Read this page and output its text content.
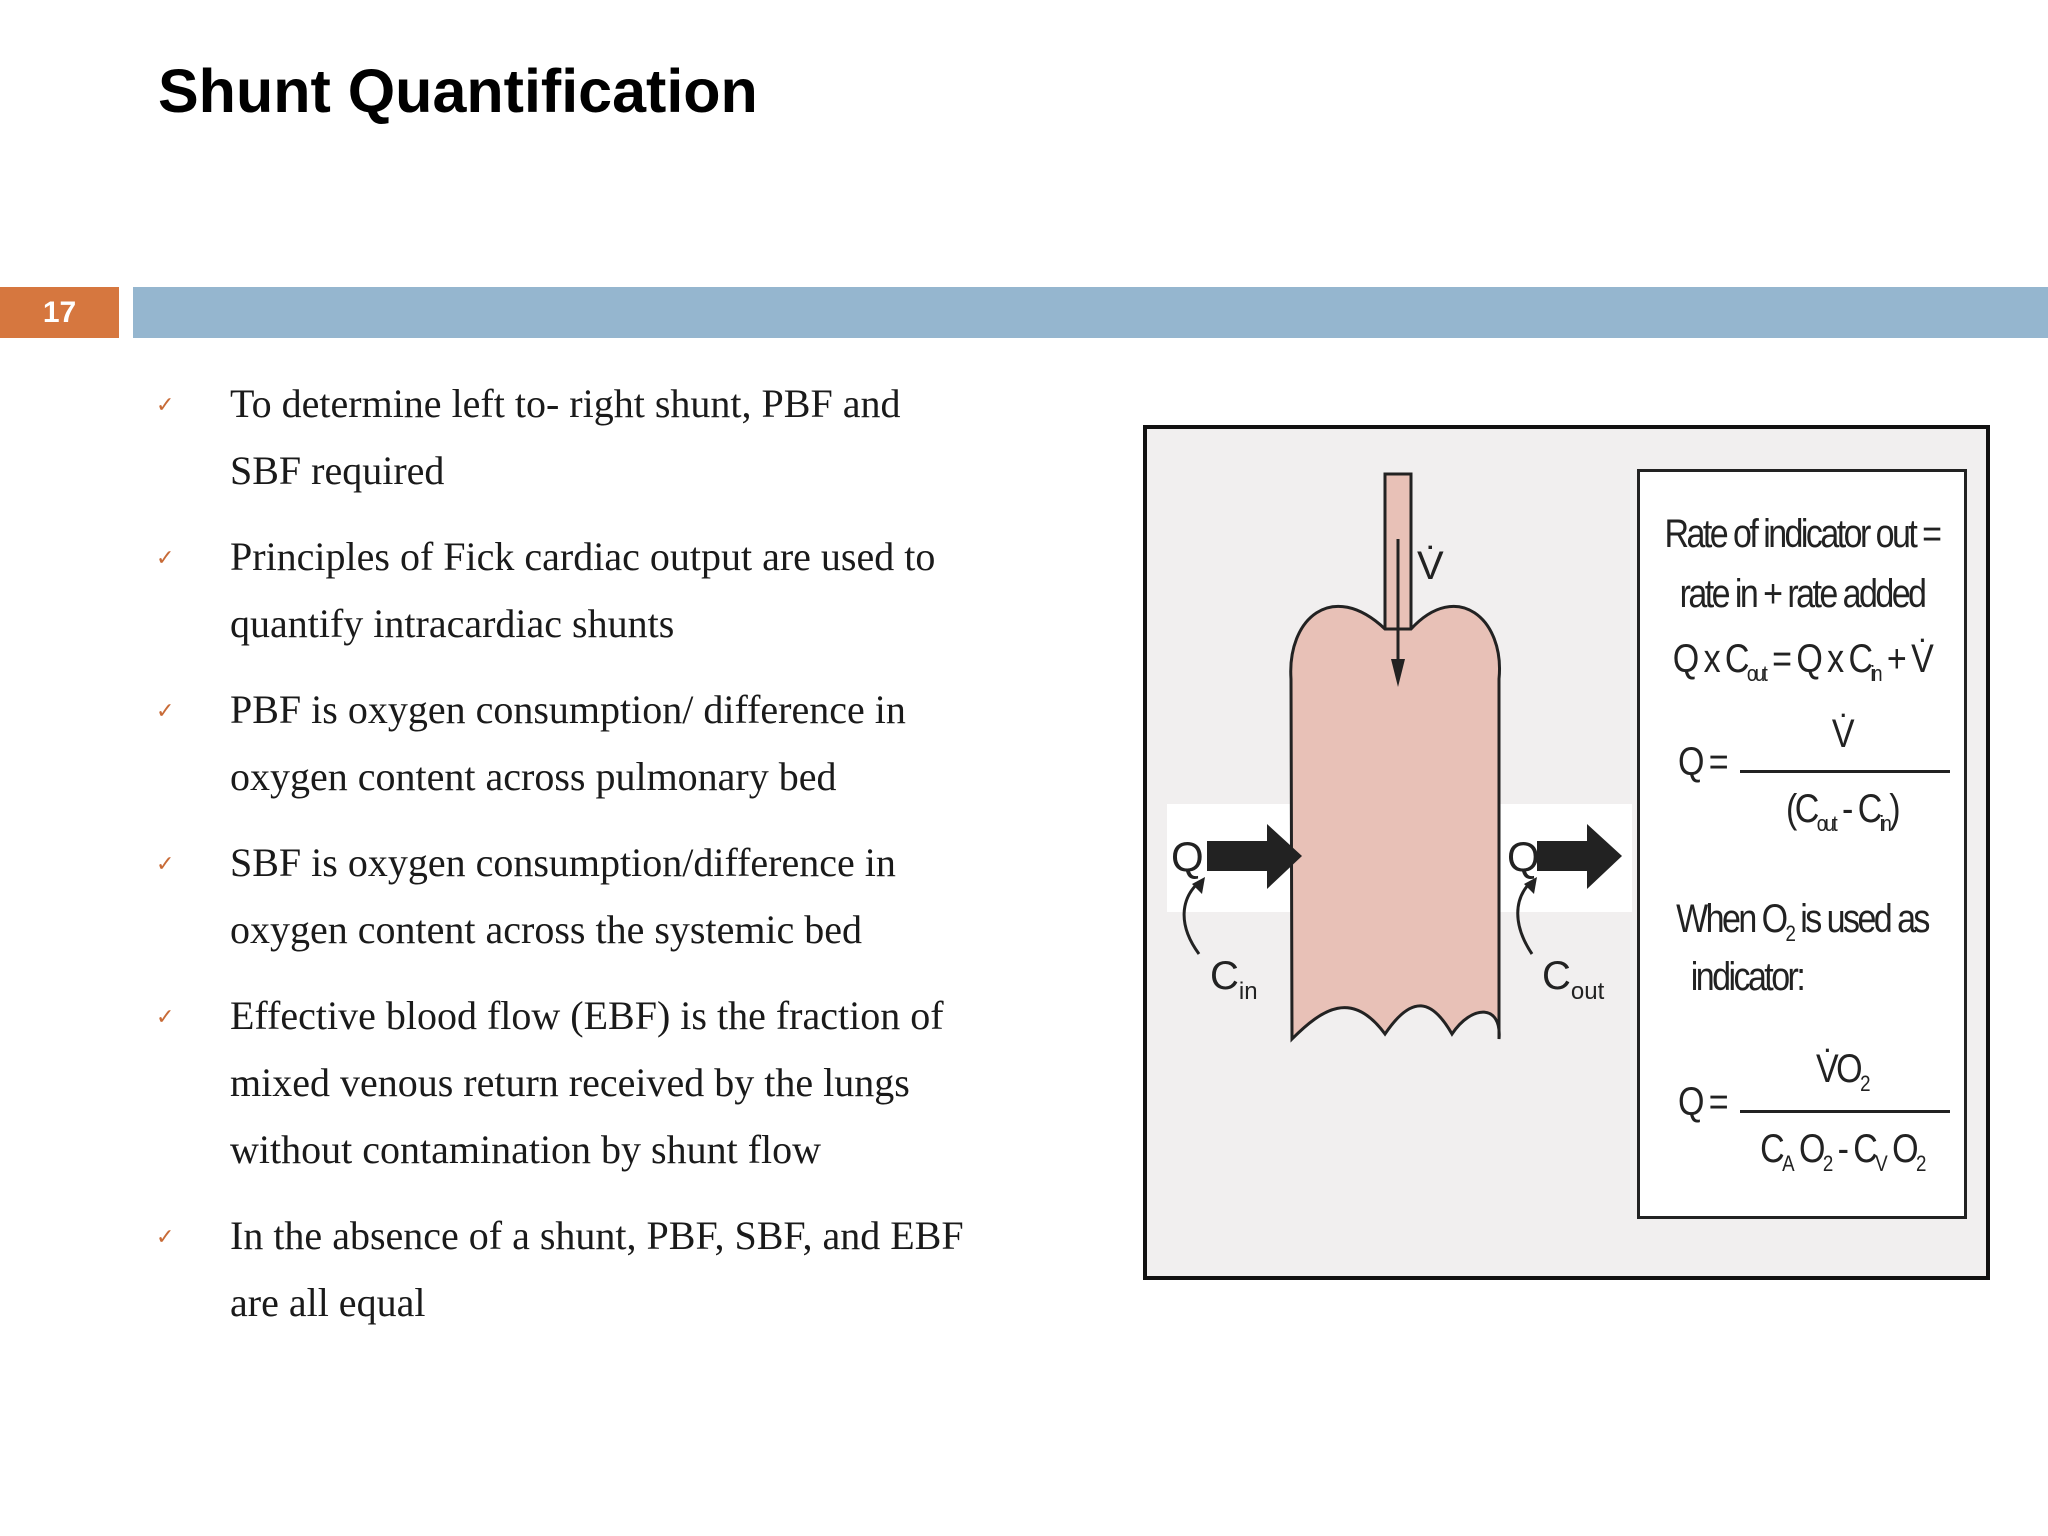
Shunt Quantification
17
✓ To determine left to- right shunt, PBF and SBF required
✓ Principles of Fick cardiac output are used to quantify intracardiac shunts
✓ PBF is oxygen consumption/ difference in oxygen content across pulmonary bed
✓ SBF is oxygen consumption/difference in oxygen content across the systemic bed
✓ Effective blood flow (EBF) is the fraction of mixed venous return received by the lungs without contamination by shunt flow
✓ In the absence of a shunt, PBF, SBF, and EBF are all equal
Q	Q
$C_{in}$	$C_{out}$
V̇
Rate of indicator out =
rate in + rate added
Q x $C_{out} = Q$ x $C_{in}$ + V̇
V̇
Q =
$(C_{out} - C_{in})$
When $O_2$ is used as
indicator:
$V̇O_2$
Q =
$C_A$ $O_2 - C_V$ $O_2$
